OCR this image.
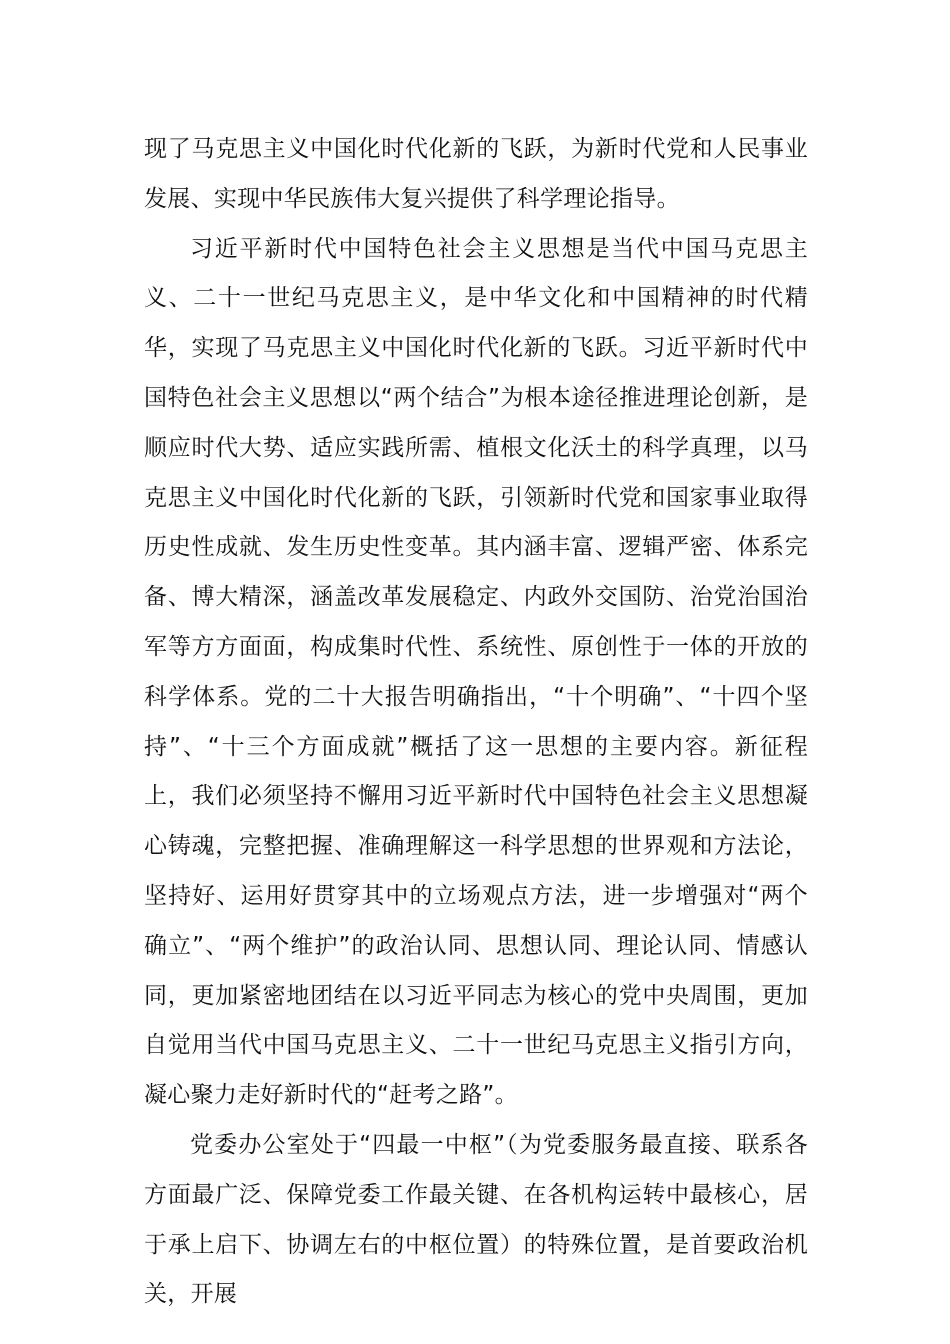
现了马克思主义中国化时代化新的飞跃，为新时代党和人民事业发展、实现中华民族伟大复兴提供了科学理论指导。

习近平新时代中国特色社会主义思想是当代中国马克思主义、二十一世纪马克思主义，是中华文化和中国精神的时代精华，实现了马克思主义中国化时代化新的飞跃。习近平新时代中国特色社会主义思想以“两个结合”为根本途径推进理论创新，是顺应时代大势、适应实践所需、植根文化沃土的科学真理，以马克思主义中国化时代化新的飞跃，引领新时代党和国家事业取得历史性成就、发生历史性变革。其内涵丰富、逻辑严密、体系完备、博大精深，涵盖改革发展稳定、内政外交国防、治党治国治军等方方面面，构成集时代性、系统性、原创性于一体的开放的科学体系。党的二十大报告明确指出，“十个明确”、“十四个坚持”、“十三个方面成就”概括了这一思想的主要内容。新征程上，我们必须坚持不懈用习近平新时代中国特色社会主义思想凝心铸魂，完整把握、准确理解这一科学思想的世界观和方法论，坚持好、运用好贯穿其中的立场观点方法，进一步增强对“两个确立”、“两个维护”的政治认同、思想认同、理论认同、情感认同，更加紧密地团结在以习近平同志为核心的党中央周围，更加自觉用当代中国马克思主义、二十一世纪马克思主义指引方向，凝心聚力走好新时代的“赶考之路”。

党委办公室处于“四最一中枢”（为党委服务最直接、联系各方面最广泛、保障党委工作最关键、在各机构运转中最核心，居于承上启下、协调左右的中枢位置）的特殊位置，是首要政治机关，开展
